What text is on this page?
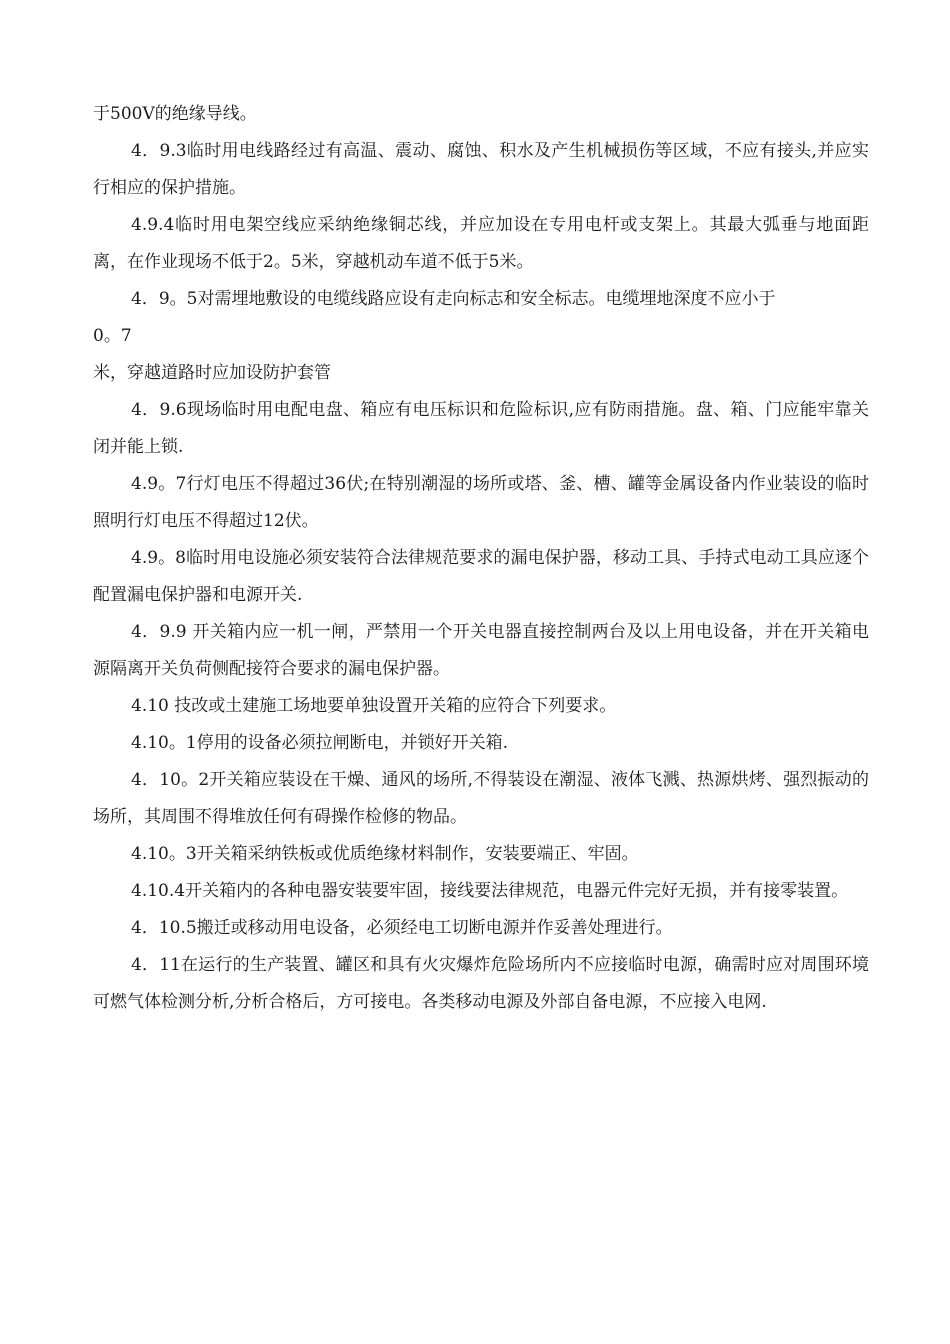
于500V的绝缘导线。

4．9.3临时用电线路经过有高温、震动、腐蚀、积水及产生机械损伤等区域，不应有接头,并应实行相应的保护措施。

4.9.4临时用电架空线应采纳绝缘铜芯线，并应加设在专用电杆或支架上。其最大弧垂与地面距离，在作业现场不低于2。5米，穿越机动车道不低于5米。

4．9。5对需埋地敷设的电缆线路应设有走向标志和安全标志。电缆埋地深度不应小于

0。7

米，穿越道路时应加设防护套管

4．9.6现场临时用电配电盘、箱应有电压标识和危险标识,应有防雨措施。盘、箱、门应能牢靠关闭并能上锁.

4.9。7行灯电压不得超过36伏;在特别潮湿的场所或塔、釜、槽、罐等金属设备内作业装设的临时照明行灯电压不得超过12伏。

4.9。8临时用电设施必须安装符合法律规范要求的漏电保护器，移动工具、手持式电动工具应逐个配置漏电保护器和电源开关.

4．9.9 开关箱内应一机一闸，严禁用一个开关电器直接控制两台及以上用电设备，并在开关箱电源隔离开关负荷侧配接符合要求的漏电保护器。

4.10 技改或土建施工场地要单独设置开关箱的应符合下列要求。

4.10。1停用的设备必须拉闸断电，并锁好开关箱.

4．10。2开关箱应装设在干燥、通风的场所,不得装设在潮湿、液体飞溅、热源烘烤、强烈振动的场所，其周围不得堆放任何有碍操作检修的物品。

4.10。3开关箱采纳铁板或优质绝缘材料制作，安装要端正、牢固。

4.10.4开关箱内的各种电器安装要牢固，接线要法律规范，电器元件完好无损，并有接零装置。

4．10.5搬迁或移动用电设备，必须经电工切断电源并作妥善处理进行。

4．11在运行的生产装置、罐区和具有火灾爆炸危险场所内不应接临时电源，确需时应对周围环境可燃气体检测分析,分析合格后，方可接电。各类移动电源及外部自备电源，不应接入电网.
